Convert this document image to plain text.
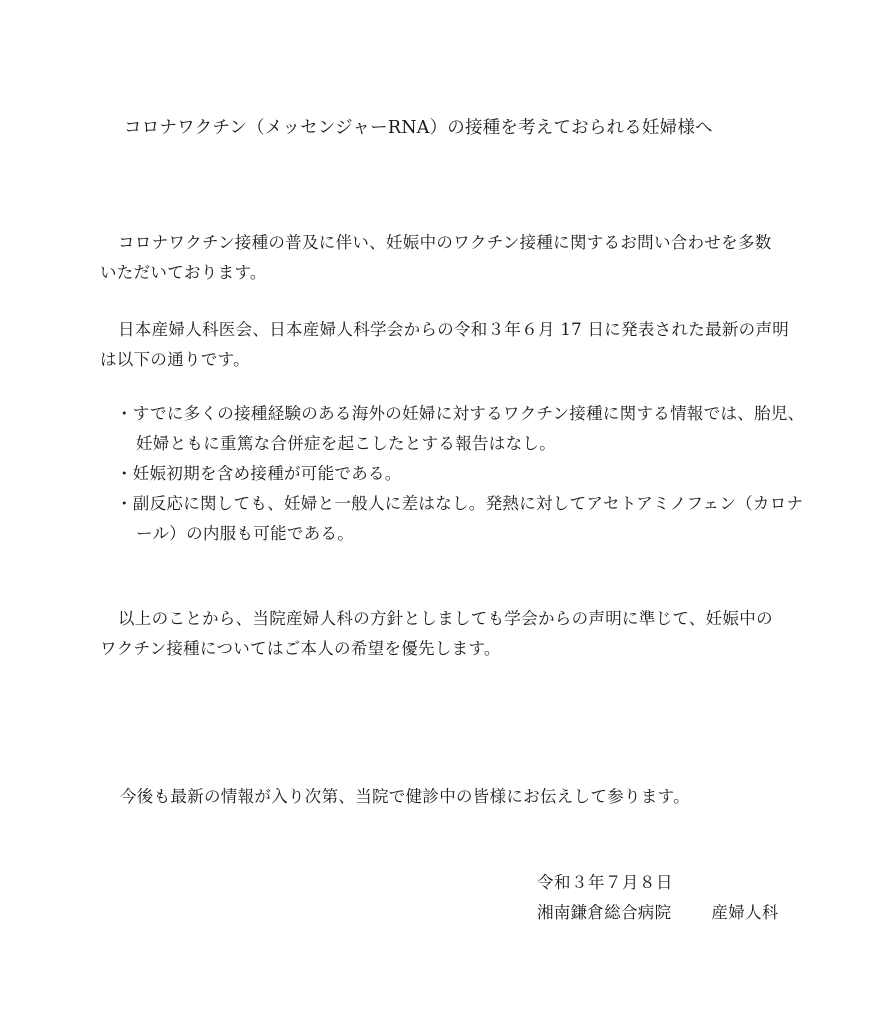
コロナワクチン（メッセンジャーRNA）の接種を考えておられる妊婦様へ
コロナワクチン接種の普及に伴い、妊娠中のワクチン接種に関するお問い合わせを多数
いただいております。
日本産婦人科医会、日本産婦人科学会からの令和３年６月 17 日に発表された最新の声明
は以下の通りです。
・すでに多くの接種経験のある海外の妊婦に対するワクチン接種に関する情報では、胎児、妊婦ともに重篤な合併症を起こしたとする報告はなし。
・妊娠初期を含め接種が可能である。
・副反応に関しても、妊婦と一般人に差はなし。発熱に対してアセトアミノフェン（カロナール）の内服も可能である。
以上のことから、当院産婦人科の方針としましても学会からの声明に準じて、妊娠中の
ワクチン接種についてはご本人の希望を優先します。
今後も最新の情報が入り次第、当院で健診中の皆様にお伝えして参ります。
令和３年７月８日
湘南鎌倉総合病院 産婦人科
